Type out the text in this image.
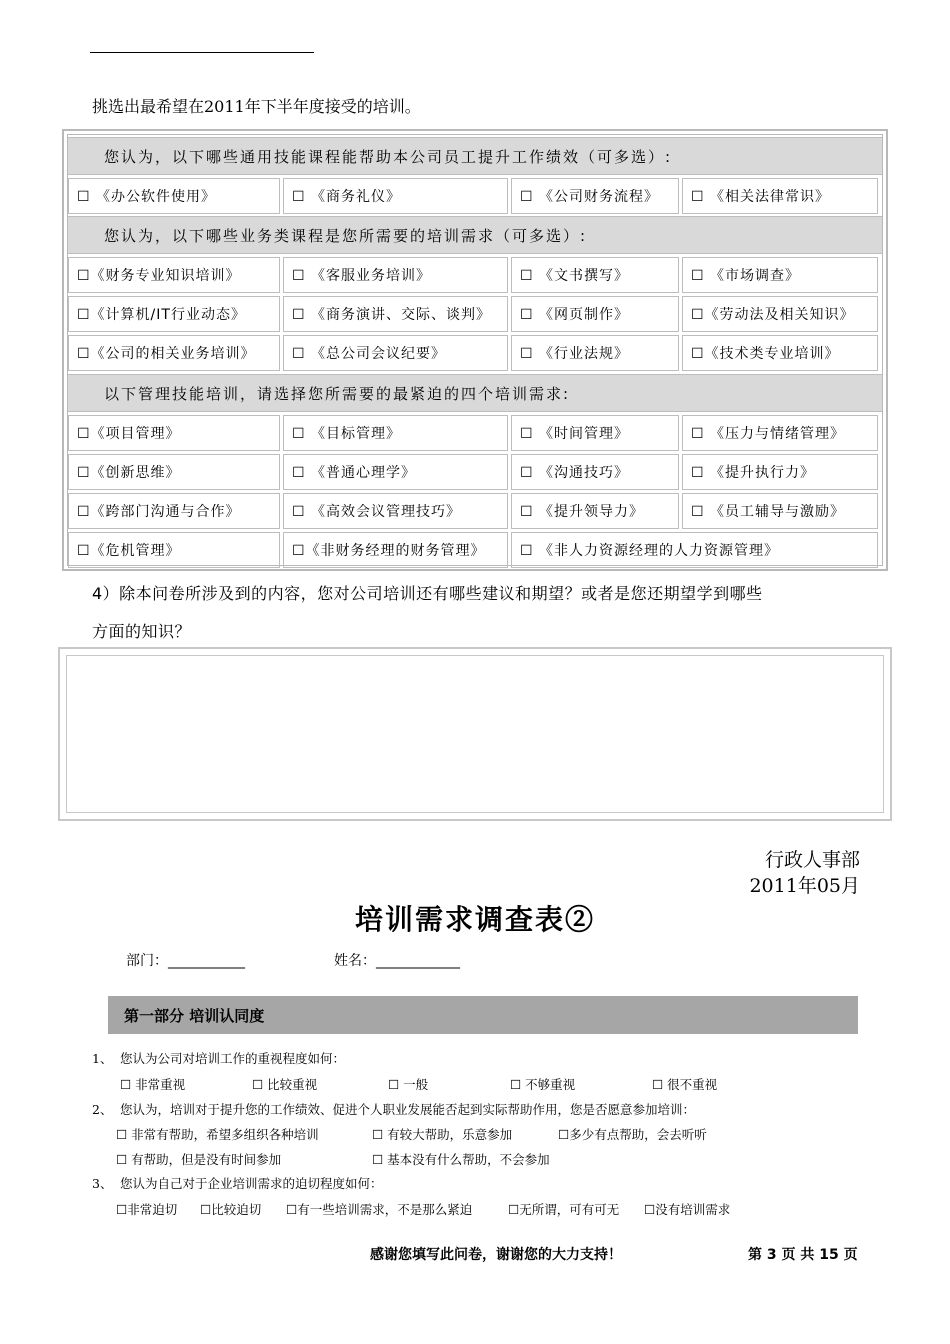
挑选出最希望在2011年下半年度接受的培训。
您认为，以下哪些通用技能课程能帮助本公司员工提升工作绩效（可多选）:
☐ 《办公软件使用》	☐ 《商务礼仪》	☐ 《公司财务流程》	☐ 《相关法律常识》
您认为，以下哪些业务类课程是您所需要的培训需求（可多选）:
☐《财务专业知识培训》	☐ 《客服业务培训》	☐ 《文书撰写》	☐ 《市场调查》
☐《计算机/IT行业动态》	☐ 《商务演讲、交际、谈判》	☐ 《网页制作》	☐《劳动法及相关知识》
☐《公司的相关业务培训》	☐ 《总公司会议纪要》	☐ 《行业法规》	☐《技术类专业培训》
以下管理技能培训，请选择您所需要的最紧迫的四个培训需求:
☐《项目管理》	☐ 《目标管理》	☐ 《时间管理》	☐ 《压力与情绪管理》
☐《创新思维》	☐ 《普通心理学》	☐ 《沟通技巧》	☐ 《提升执行力》
☐《跨部门沟通与合作》	☐ 《高效会议管理技巧》	☐ 《提升领导力》	☐ 《员工辅导与激励》
☐《危机管理》	☐《非财务经理的财务管理》	☐ 《非人力资源经理的人力资源管理》
4）除本问卷所涉及到的内容，您对公司培训还有哪些建议和期望？或者是您还期望学到哪些
方面的知识？
行政人事部
2011年05月
培训需求调查表②
部门：___________	姓名：____________
第一部分 培训认同度
1、 您认为公司对培训工作的重视程度如何：
☐ 非常重视	☐ 比较重视	☐ 一般	☐ 不够重视	☐ 很不重视
2、 您认为，培训对于提升您的工作绩效、促进个人职业发展能否起到实际帮助作用，您是否愿意参加培训：
☐ 非常有帮助，希望多组织各种培训	☐ 有较大帮助，乐意参加	☐多少有点帮助，会去听听
☐ 有帮助，但是没有时间参加	☐ 基本没有什么帮助，不会参加
3、 您认为自己对于企业培训需求的迫切程度如何：
☐非常迫切 ☐比较迫切 ☐有一些培训需求，不是那么紧迫	☐无所谓，可有可无 ☐没有培训需求
感谢您填写此问卷，谢谢您的大力支持！	第 3 页 共 15 页
